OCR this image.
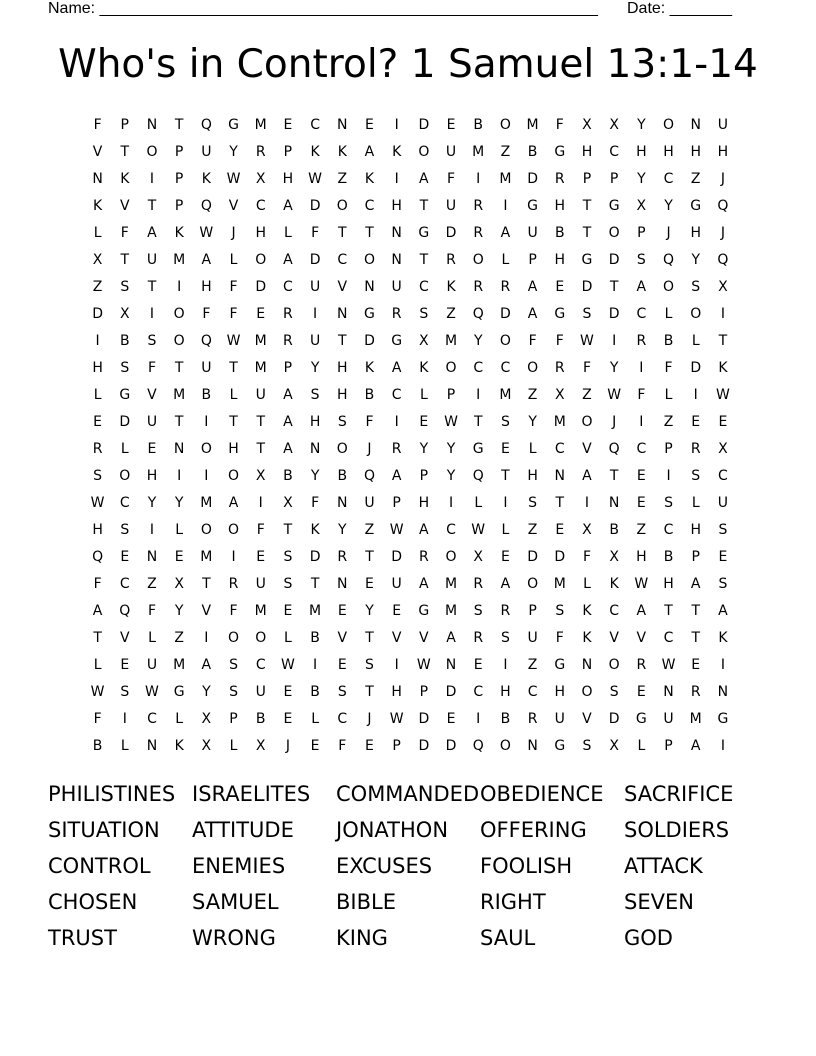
Name: ________________________________________________________ Date: _______
Who's in Control? 1 Samuel 13:1-14
F	P	N	T	Q	G	M	E	C	N	E	I	D	E	B	O	M	F	X	X	Y	O	N	U
V	T	O	P	U	Y	R	P	K	K	A	K	O	U	M	Z	B	G	H	C	H	H	H	H
N	K	I	P	K	W	X	H	W	Z	K	I	A	F	I	M	D	R	P	P	Y	C	Z	J
K	V	T	P	Q	V	C	A	D	O	C	H	T	U	R	I	G	H	T	G	X	Y	G	Q
L	F	A	K	W	J	H	L	F	T	T	N	G	D	R	A	U	B	T	O	P	J	H	J
X	T	U	M	A	L	O	A	D	C	O	N	T	R	O	L	P	H	G	D	S	Q	Y	Q
Z	S	T	I	H	F	D	C	U	V	N	U	C	K	R	R	A	E	D	T	A	O	S	X
D	X	I	O	F	F	E	R	I	N	G	R	S	Z	Q	D	A	G	S	D	C	L	O	I
I	B	S	O	Q	W	M	R	U	T	D	G	X	M	Y	O	F	F	W	I	R	B	L	T
H	S	F	T	U	T	M	P	Y	H	K	A	K	O	C	C	O	R	F	Y	I	F	D	K
L	G	V	M	B	L	U	A	S	H	B	C	L	P	I	M	Z	X	Z	W	F	L	I	W
E	D	U	T	I	T	T	A	H	S	F	I	E	W	T	S	Y	M	O	J	I	Z	E	E
R	L	E	N	O	H	T	A	N	O	J	R	Y	Y	G	E	L	C	V	Q	C	P	R	X
S	O	H	I	I	O	X	B	Y	B	Q	A	P	Y	Q	T	H	N	A	T	E	I	S	C
W	C	Y	Y	M	A	I	X	F	N	U	P	H	I	L	I	S	T	I	N	E	S	L	U
H	S	I	L	O	O	F	T	K	Y	Z	W	A	C	W	L	Z	E	X	B	Z	C	H	S
Q	E	N	E	M	I	E	S	D	R	T	D	R	O	X	E	D	D	F	X	H	B	P	E
F	C	Z	X	T	R	U	S	T	N	E	U	A	M	R	A	O	M	L	K	W	H	A	S
A	Q	F	Y	V	F	M	E	M	E	Y	E	G	M	S	R	P	S	K	C	A	T	T	A
T	V	L	Z	I	O	O	L	B	V	T	V	V	A	R	S	U	F	K	V	V	C	T	K
L	E	U	M	A	S	C	W	I	E	S	I	W	N	E	I	Z	G	N	O	R	W	E	I
W	S	W	G	Y	S	U	E	B	S	T	H	P	D	C	H	C	H	O	S	E	N	R	N
F	I	C	L	X	P	B	E	L	C	J	W	D	E	I	B	R	U	V	D	G	U	M	G
B	L	N	K	X	L	X	J	E	F	E	P	D	D	Q	O	N	G	S	X	L	P	A	I
PHILISTINES ISRAELITES	COMMANDED OBEDIENCE SACRIFICE
SITUATION	ATTITUDE	JONATHON	OFFERING	SOLDIERS
CONTROL	ENEMIES	EXCUSES	FOOLISH	ATTACK
CHOSEN	SAMUEL	BIBLE	RIGHT	SEVEN
TRUST	WRONG	KING	SAUL	GOD
